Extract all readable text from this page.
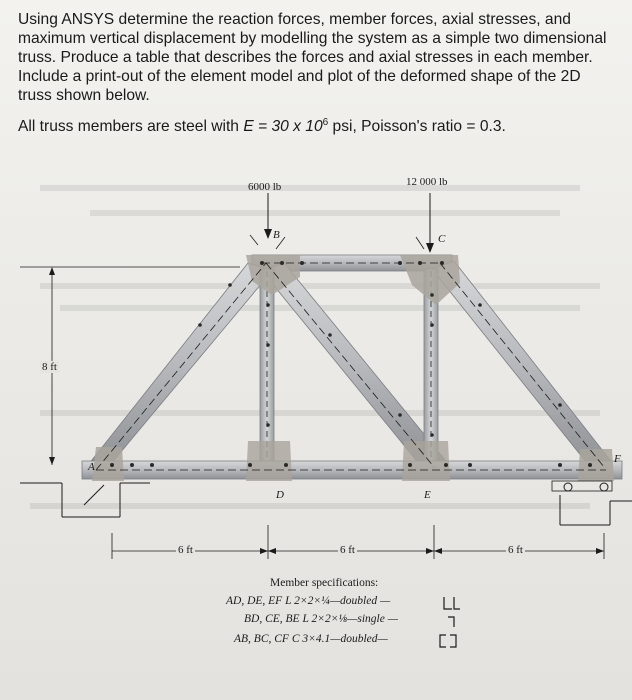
Using ANSYS determine the reaction forces, member forces, axial stresses, and maximum vertical displacement by modelling the system as a simple two dimensional truss. Produce a table that describes the forces and axial stresses in each member. Include a print-out of the element model and plot of the deformed shape of the 2D truss shown below.

All truss members are steel with E = 30 x $10^6$ psi, Poisson's ratio = 0.3.

6000 lb	12 000 lb
B	C
A
D	E
F
8 ft
6 ft	6 ft	6 ft
Member specifications:
AD, DE, EF L 2×2×¼—doubled —
BD, CE, BE L 2×2×⅛—single —
AB, BC, CF C 3×4.1—doubled—
